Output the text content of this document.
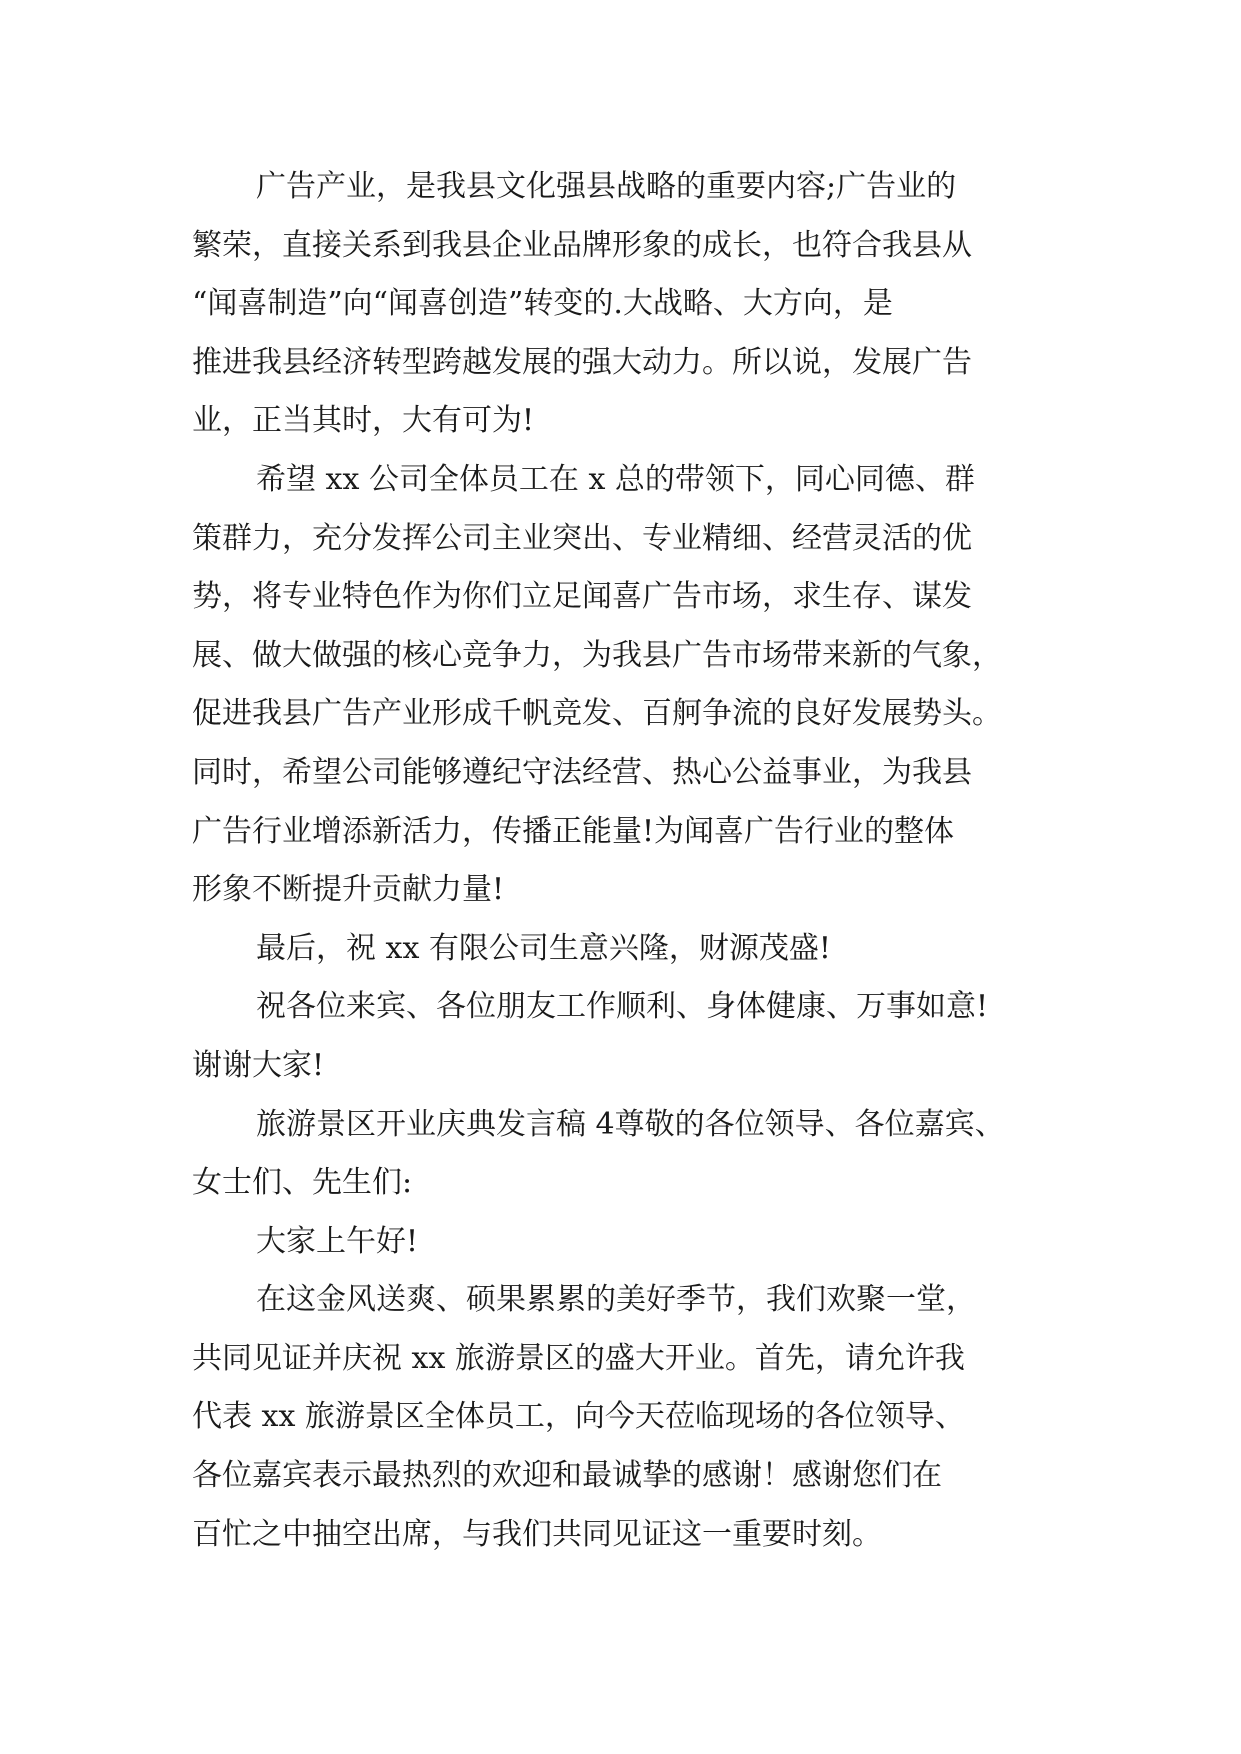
广告产业，是我县文化强县战略的重要内容;广告业的
繁荣，直接关系到我县企业品牌形象的成长，也符合我县从
“闻喜制造”向“闻喜创造”转变的.大战略、大方向，是
推进我县经济转型跨越发展的强大动力。所以说，发展广告
业，正当其时，大有可为!
希望 xx 公司全体员工在 x 总的带领下，同心同德、群
策群力，充分发挥公司主业突出、专业精细、经营灵活的优
势，将专业特色作为你们立足闻喜广告市场，求生存、谋发
展、做大做强的核心竞争力，为我县广告市场带来新的气象，
促进我县广告产业形成千帆竞发、百舸争流的良好发展势头。
同时，希望公司能够遵纪守法经营、热心公益事业，为我县
广告行业增添新活力，传播正能量!为闻喜广告行业的整体
形象不断提升贡献力量!
最后，祝 xx 有限公司生意兴隆，财源茂盛!
祝各位来宾、各位朋友工作顺利、身体健康、万事如意!
谢谢大家!
旅游景区开业庆典发言稿 4尊敬的各位领导、各位嘉宾、
女士们、先生们:
大家上午好!
在这金风送爽、硕果累累的美好季节，我们欢聚一堂，
共同见证并庆祝 xx 旅游景区的盛大开业。首先，请允许我
代表 xx 旅游景区全体员工，向今天莅临现场的各位领导、
各位嘉宾表示最热烈的欢迎和最诚挚的感谢！感谢您们在
百忙之中抽空出席，与我们共同见证这一重要时刻。
